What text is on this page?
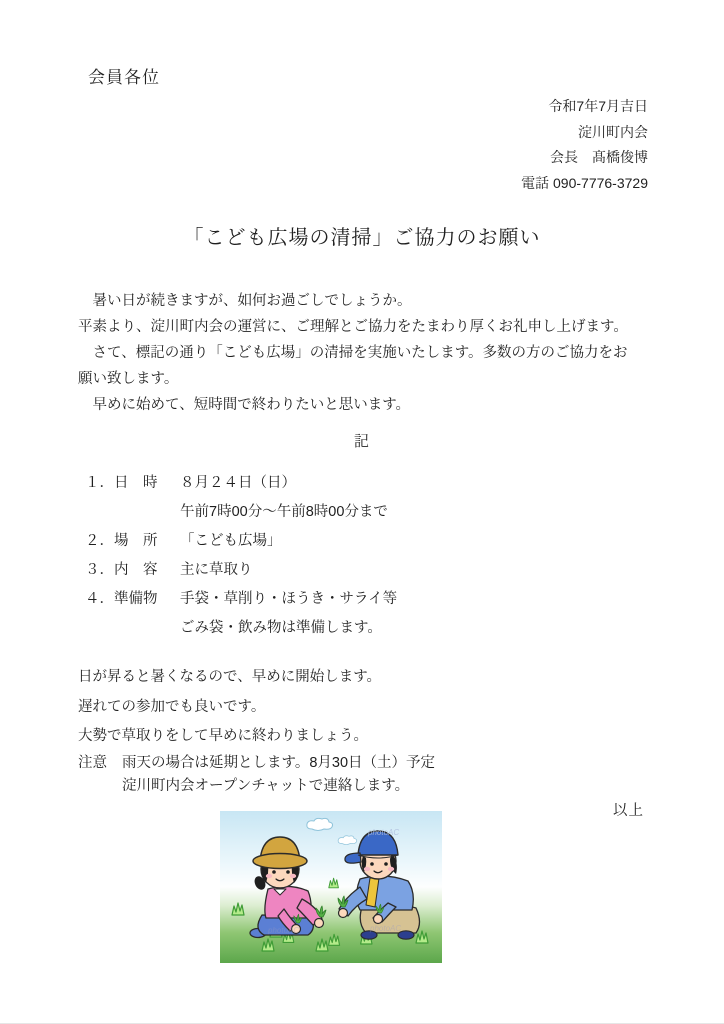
会員各位
令和7年7月吉日
淀川町内会
会長　髙橋俊博
電話 090-7776-3729
「こども広場の清掃」ご協力のお願い
　暑い日が続きますが、如何お過ごしでしょうか。
平素より、淀川町内会の運営に、ご理解とご協力をたまわり厚くお礼申し上げます。
　さて、標記の通り「こども広場」の清掃を実施いたします。多数の方のご協力をお
願い致します。
　早めに始めて、短時間で終わりたいと思います。
記
１．日　時	８月２４日（日）
午前7時00分～午前8時00分まで
２．場　所	「こども広場」
３．内　容	主に草取り
４．準備物	手袋・草削り・ほうき・サライ等
ごみ袋・飲み物は準備します。
日が昇ると暑くなるので、早めに開始します。
遅れての参加でも良いです。
大勢で草取りをして早めに終わりましょう。
注意 雨天の場合は延期とします。8月30日（土）予定
淀川町内会オープンチャットで連絡します。
以上
photoAC
photoAC	photoAC
